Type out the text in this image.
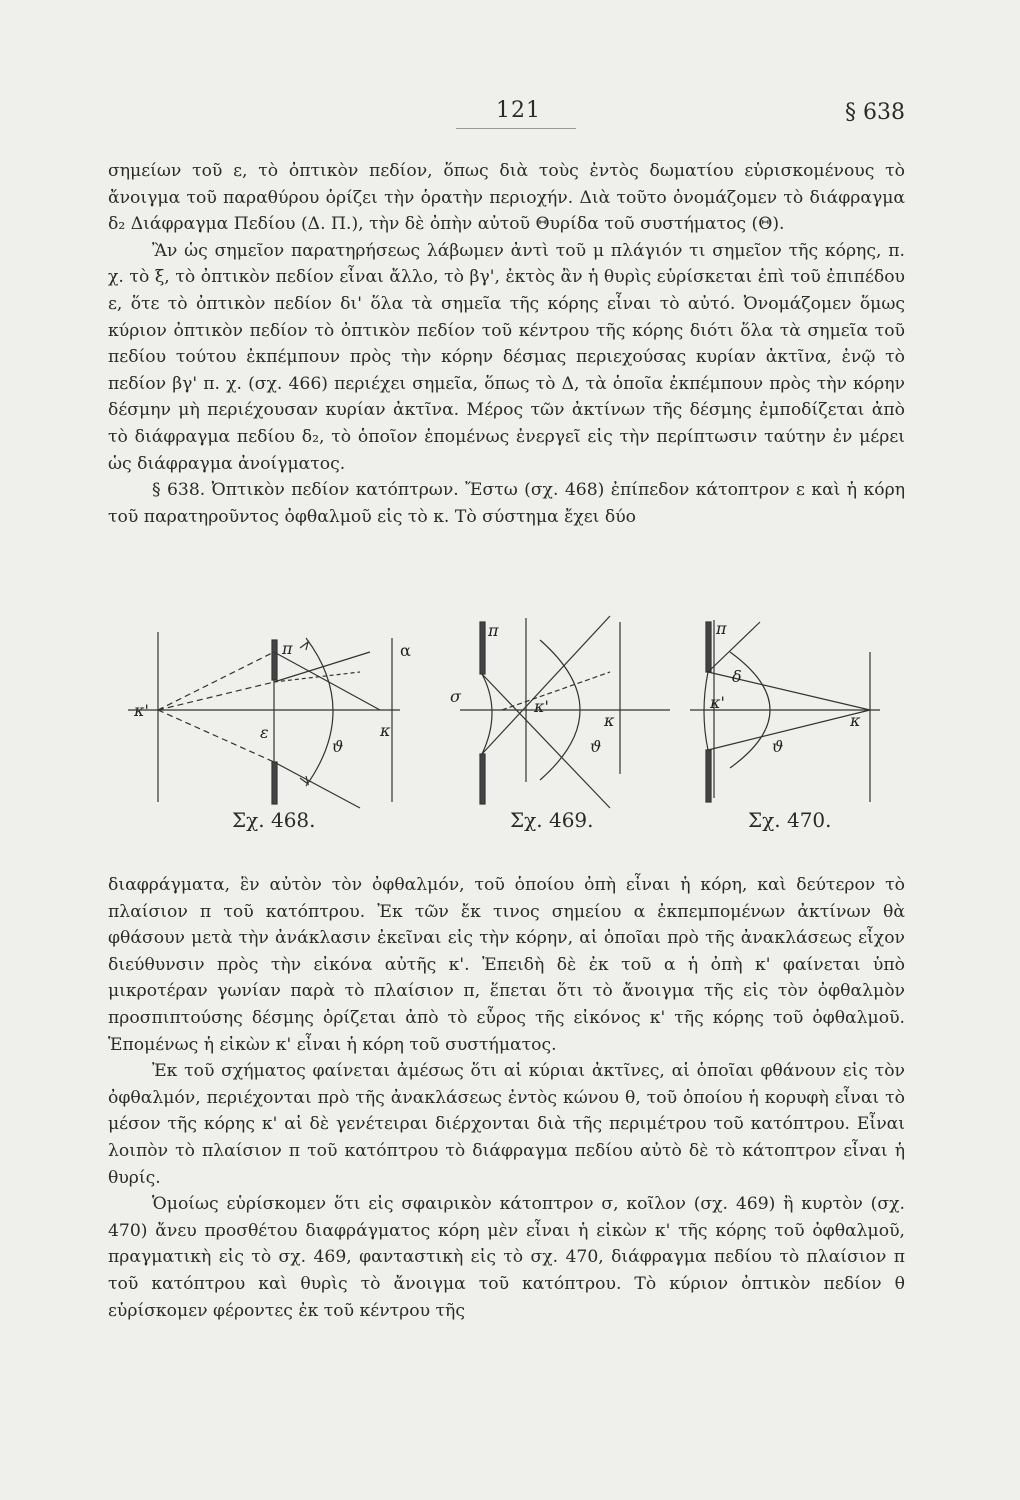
121	§ 638

σημείων τοῦ ε, τὸ ὀπτικὸν πεδίον, ὅπως διὰ τοὺς ἐντὸς δωματίου εὑρισκομένους τὸ ἄνοιγμα τοῦ παραθύρου ὁρίζει τὴν ὁρατὴν περιοχήν. Διὰ τοῦτο ὀνομάζομεν τὸ διάφραγμα δ₂ Διάφραγμα Πεδίου (Δ. Π.), τὴν δὲ ὀπὴν αὐτοῦ Θυρίδα τοῦ συστήματος (Θ).

Ἂν ὡς σημεῖον παρατηρήσεως λάβωμεν ἀντὶ τοῦ μ πλάγιόν τι σημεῖον τῆς κόρης, π. χ. τὸ ξ, τὸ ὀπτικὸν πεδίον εἶναι ἄλλο, τὸ βγ', ἐκτὸς ἂν ἡ θυρὶς εὑρίσκεται ἐπὶ τοῦ ἐπιπέδου ε, ὅτε τὸ ὀπτικὸν πεδίον δι' ὅλα τὰ σημεῖα τῆς κόρης εἶναι τὸ αὐτό. Ὀνομάζομεν ὅμως κύριον ὀπτικὸν πεδίον τὸ ὀπτικὸν πεδίον τοῦ κέντρου τῆς κόρης διότι ὅλα τὰ σημεῖα τοῦ πεδίου τούτου ἐκπέμπουν πρὸς τὴν κόρην δέσμας περιεχούσας κυρίαν ἀκτῖνα, ἐνῷ τὸ πεδίον βγ' π. χ. (σχ. 466) περιέχει σημεῖα, ὅπως τὸ Δ, τὰ ὁποῖα ἐκπέμπουν πρὸς τὴν κόρην δέσμην μὴ περιέχουσαν κυρίαν ἀκτῖνα. Μέρος τῶν ἀκτίνων τῆς δέσμης ἐμποδίζεται ἀπὸ τὸ διάφραγμα πεδίου δ₂, τὸ ὁποῖον ἑπομένως ἐνεργεῖ εἰς τὴν περίπτωσιν ταύτην ἐν μέρει ὡς διάφραγμα ἀνοίγματος.

§ 638. Ὀπτικὸν πεδίον κατόπτρων. Ἔστω (σχ. 468) ἐπίπεδον κάτοπτρον ε καὶ ἡ κόρη τοῦ παρατηροῦντος ὀφθαλμοῦ εἰς τὸ κ. Τὸ σύστημα ἔχει δύο

π	α
κ'
ε	κ
ϑ
σ
π
κ'
ϑ
κ
π
δ
κ'
ϑ
κ
Σχ. 468.	Σχ. 469.	Σχ. 470.

διαφράγματα, ἓν αὐτὸν τὸν ὀφθαλμόν, τοῦ ὁποίου ὀπὴ εἶναι ἡ κόρη, καὶ δεύτερον τὸ πλαίσιον π τοῦ κατόπτρου. Ἐκ τῶν ἔκ τινος σημείου α ἐκπεμπομένων ἀκτίνων θὰ φθάσουν μετὰ τὴν ἀνάκλασιν ἐκεῖναι εἰς τὴν κόρην, αἱ ὁποῖαι πρὸ τῆς ἀνακλάσεως εἶχον διεύθυνσιν πρὸς τὴν εἰκόνα αὐτῆς κ'. Ἐπειδὴ δὲ ἐκ τοῦ α ἡ ὀπὴ κ' φαίνεται ὑπὸ μικροτέραν γωνίαν παρὰ τὸ πλαίσιον π, ἕπεται ὅτι τὸ ἄνοιγμα τῆς εἰς τὸν ὀφθαλμὸν προσπιπτούσης δέσμης ὁρίζεται ἀπὸ τὸ εὖρος τῆς εἰκόνος κ' τῆς κόρης τοῦ ὀφθαλμοῦ. Ἑπομένως ἡ εἰκὼν κ' εἶναι ἡ κόρη τοῦ συστήματος.

Ἐκ τοῦ σχήματος φαίνεται ἀμέσως ὅτι αἱ κύριαι ἀκτῖνες, αἱ ὁποῖαι φθάνουν εἰς τὸν ὀφθαλμόν, περιέχονται πρὸ τῆς ἀνακλάσεως ἐντὸς κώνου θ, τοῦ ὁποίου ἡ κορυφὴ εἶναι τὸ μέσον τῆς κόρης κ' αἱ δὲ γενέτειραι διέρχονται διὰ τῆς περιμέτρου τοῦ κατόπτρου. Εἶναι λοιπὸν τὸ πλαίσιον π τοῦ κατόπτρου τὸ διάφραγμα πεδίου αὐτὸ δὲ τὸ κάτοπτρον εἶναι ἡ θυρίς.

Ὁμοίως εὑρίσκομεν ὅτι εἰς σφαιρικὸν κάτοπτρον σ, κοῖλον (σχ. 469) ἢ κυρτὸν (σχ. 470) ἄνευ προσθέτου διαφράγματος κόρη μὲν εἶναι ἡ εἰκὼν κ' τῆς κόρης τοῦ ὀφθαλμοῦ, πραγματικὴ εἰς τὸ σχ. 469, φανταστικὴ εἰς τὸ σχ. 470, διάφραγμα πεδίου τὸ πλαίσιον π τοῦ κατόπτρου καὶ θυρὶς τὸ ἄνοιγμα τοῦ κατόπτρου. Τὸ κύριον ὀπτικὸν πεδίον θ εὑρίσκομεν φέροντες ἐκ τοῦ κέντρου τῆς
